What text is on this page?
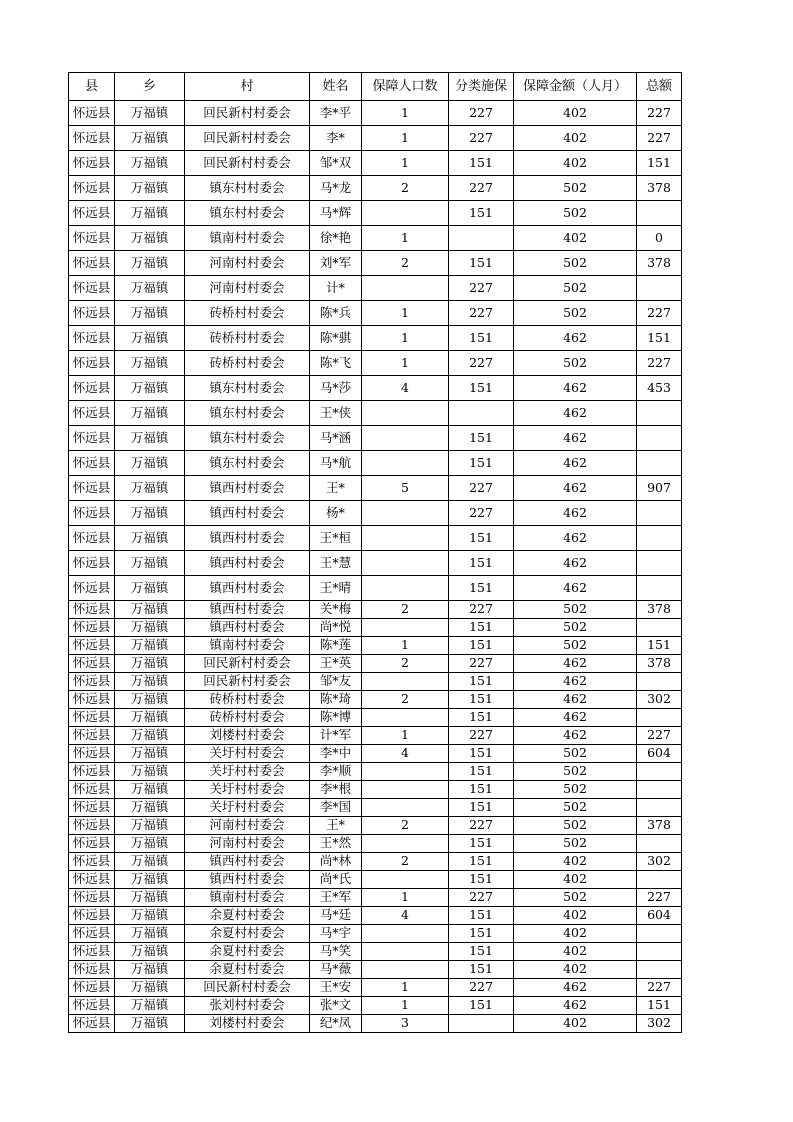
县	乡	村	姓名	保障人口数	分类施保	保障金额（人月）	总额
怀远县	万福镇	回民新村村委会	李*平	1	227	402	227
怀远县	万福镇	回民新村村委会	李*	1	227	402	227
怀远县	万福镇	回民新村村委会	邹*双	1	151	402	151
怀远县	万福镇	镇东村村委会	马*龙	2	227	502	378
怀远县	万福镇	镇东村村委会	马*辉		151	502	
怀远县	万福镇	镇南村村委会	徐*艳	1		402	0
怀远县	万福镇	河南村村委会	刘*军	2	151	502	378
怀远县	万福镇	河南村村委会	计*		227	502	
怀远县	万福镇	砖桥村村委会	陈*兵	1	227	502	227
怀远县	万福镇	砖桥村村委会	陈*骐	1	151	462	151
怀远县	万福镇	砖桥村村委会	陈*飞	1	227	502	227
怀远县	万福镇	镇东村村委会	马*莎	4	151	462	453
怀远县	万福镇	镇东村村委会	王*侠			462	
怀远县	万福镇	镇东村村委会	马*涵		151	462	
怀远县	万福镇	镇东村村委会	马*航		151	462	
怀远县	万福镇	镇西村村委会	王*	5	227	462	907
怀远县	万福镇	镇西村村委会	杨*		227	462	
怀远县	万福镇	镇西村村委会	王*桓		151	462	
怀远县	万福镇	镇西村村委会	王*慧		151	462	
怀远县	万福镇	镇西村村委会	王*晴		151	462	
怀远县	万福镇	镇西村村委会	关*梅	2	227	502	378
怀远县	万福镇	镇西村村委会	尚*悦		151	502	
怀远县	万福镇	镇南村村委会	陈*莲	1	151	502	151
怀远县	万福镇	回民新村村委会	王*英	2	227	462	378
怀远县	万福镇	回民新村村委会	邹*友		151	462	
怀远县	万福镇	砖桥村村委会	陈*琦	2	151	462	302
怀远县	万福镇	砖桥村村委会	陈*博		151	462	
怀远县	万福镇	刘楼村村委会	计*军	1	227	462	227
怀远县	万福镇	关圩村村委会	李*中	4	151	502	604
怀远县	万福镇	关圩村村委会	李*顺		151	502	
怀远县	万福镇	关圩村村委会	李*根		151	502	
怀远县	万福镇	关圩村村委会	李*国		151	502	
怀远县	万福镇	河南村村委会	王*	2	227	502	378
怀远县	万福镇	河南村村委会	王*然		151	502	
怀远县	万福镇	镇西村村委会	尚*林	2	151	402	302
怀远县	万福镇	镇西村村委会	尚*氏		151	402	
怀远县	万福镇	镇南村村委会	王*军	1	227	502	227
怀远县	万福镇	余夏村村委会	马*廷	4	151	402	604
怀远县	万福镇	余夏村村委会	马*宇		151	402	
怀远县	万福镇	余夏村村委会	马*笑		151	402	
怀远县	万福镇	余夏村村委会	马*薇		151	402	
怀远县	万福镇	回民新村村委会	王*安	1	227	462	227
怀远县	万福镇	张刘村村委会	张*文	1	151	462	151
怀远县	万福镇	刘楼村村委会	纪*凤	3		402	302
